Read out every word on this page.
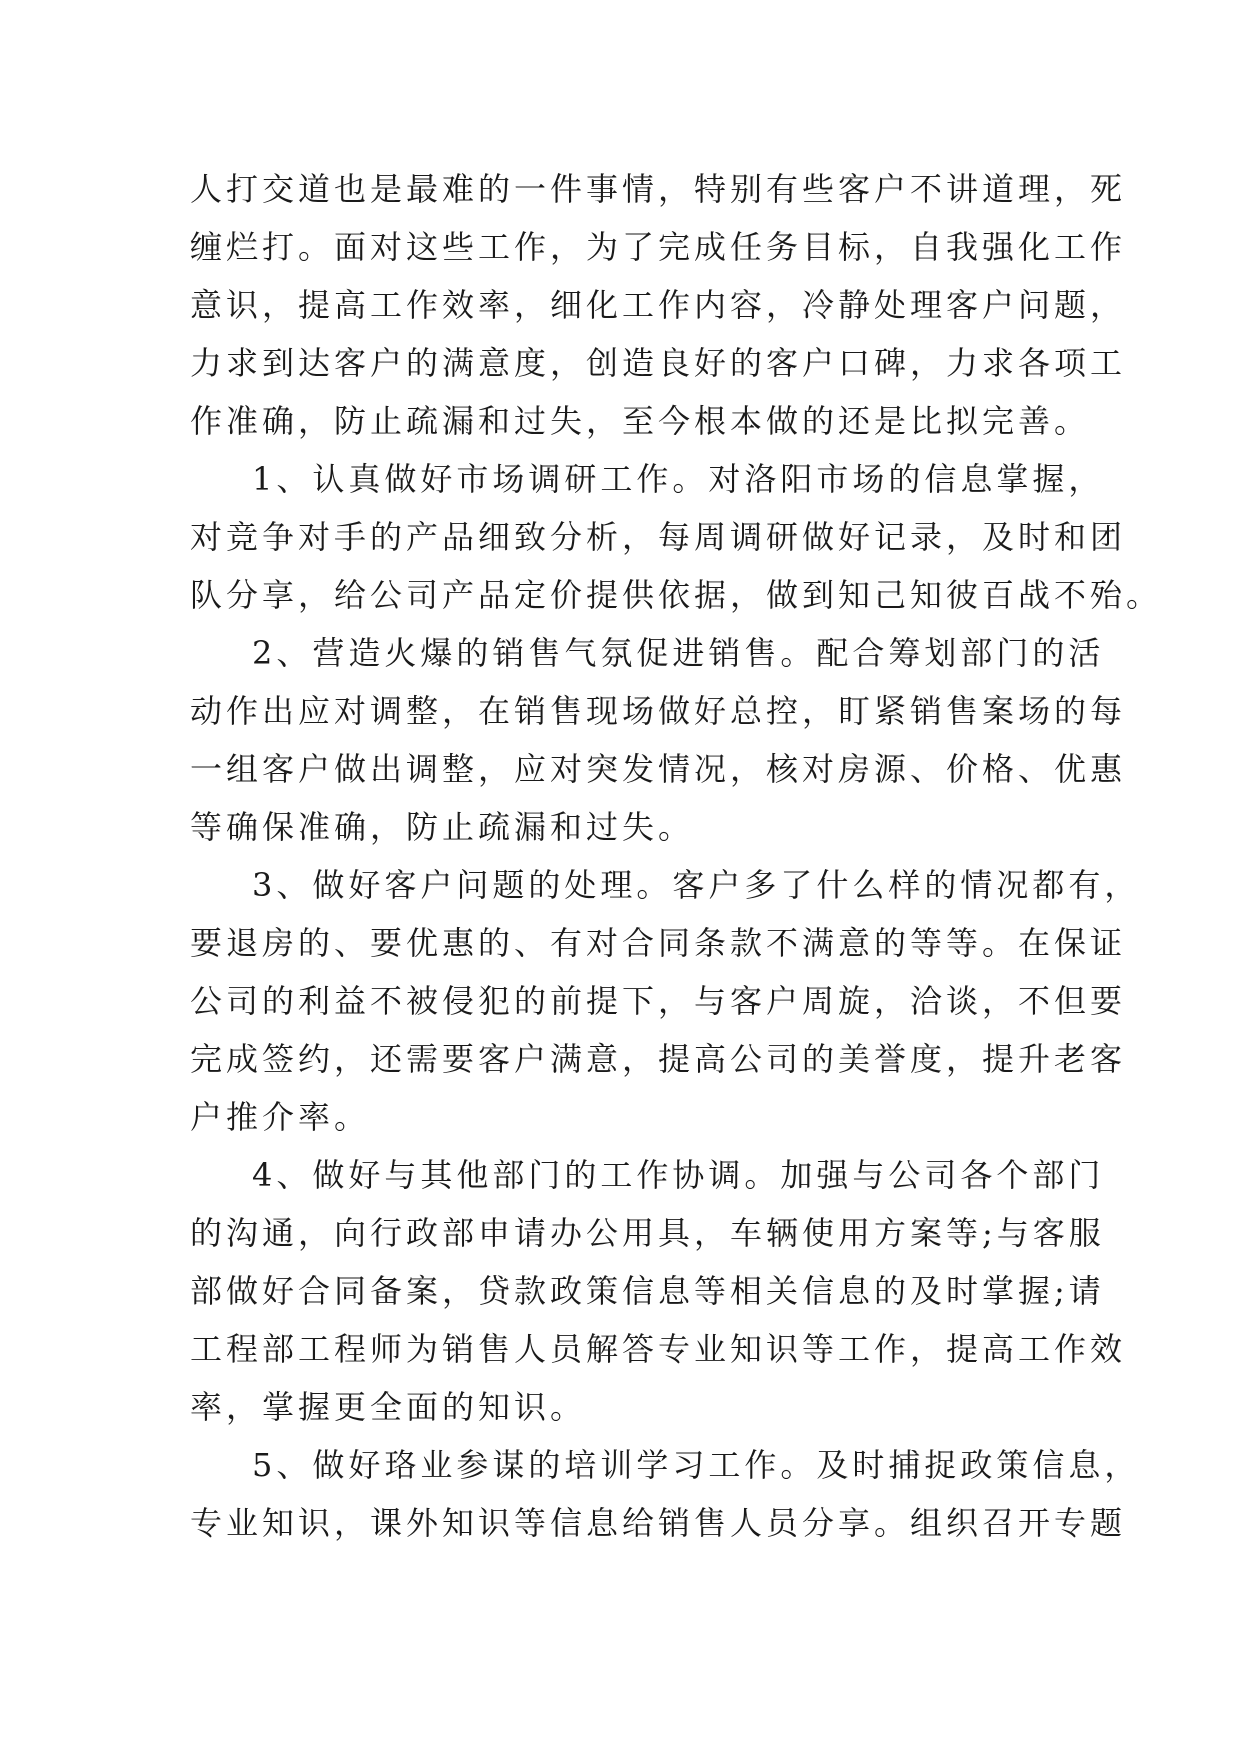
人打交道也是最难的一件事情，特别有些客户不讲道理，死
缠烂打。面对这些工作，为了完成任务目标，自我强化工作
意识，提高工作效率，细化工作内容，冷静处理客户问题，
力求到达客户的满意度，创造良好的客户口碑，力求各项工
作准确，防止疏漏和过失，至今根本做的还是比拟完善。
1、认真做好市场调研工作。对洛阳市场的信息掌握，
对竞争对手的产品细致分析，每周调研做好记录，及时和团
队分享，给公司产品定价提供依据，做到知己知彼百战不殆。
2、营造火爆的销售气氛促进销售。配合筹划部门的活
动作出应对调整，在销售现场做好总控，盯紧销售案场的每
一组客户做出调整，应对突发情况，核对房源、价格、优惠
等确保准确，防止疏漏和过失。
3、做好客户问题的处理。客户多了什么样的情况都有，
要退房的、要优惠的、有对合同条款不满意的等等。在保证
公司的利益不被侵犯的前提下，与客户周旋，洽谈，不但要
完成签约，还需要客户满意，提高公司的美誉度，提升老客
户推介率。
4、做好与其他部门的工作协调。加强与公司各个部门
的沟通，向行政部申请办公用具，车辆使用方案等;与客服
部做好合同备案，贷款政策信息等相关信息的及时掌握;请
工程部工程师为销售人员解答专业知识等工作，提高工作效
率，掌握更全面的知识。
5、做好珞业参谋的培训学习工作。及时捕捉政策信息，
专业知识，课外知识等信息给销售人员分享。组织召开专题
